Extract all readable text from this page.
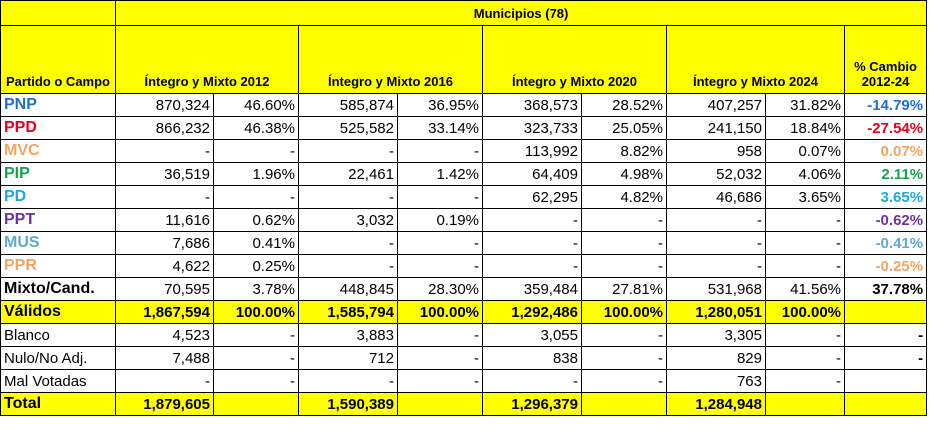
	Municipios (78)								
Partido o Campo	Íntegro y Mixto 2012		Íntegro y Mixto 2016		Íntegro y Mixto 2020		Íntegro y Mixto 2024		% Cambio 2012-24
PNP	870,324	46.60%	585,874	36.95%	368,573	28.52%	407,257	31.82%	-14.79%
PPD	866,232	46.38%	525,582	33.14%	323,733	25.05%	241,150	18.84%	-27.54%
MVC	-	-	-	-	113,992	8.82%	958	0.07%	0.07%
PIP	36,519	1.96%	22,461	1.42%	64,409	4.98%	52,032	4.06%	2.11%
PD	-	-	-	-	62,295	4.82%	46,686	3.65%	3.65%
PPT	11,616	0.62%	3,032	0.19%	-	-	-	-	-0.62%
MUS	7,686	0.41%	-	-	-	-	-	-	-0.41%
PPR	4,622	0.25%	-	-	-	-	-	-	-0.25%
Mixto/Cand.	70,595	3.78%	448,845	28.30%	359,484	27.81%	531,968	41.56%	37.78%
Válidos	1,867,594	100.00%	1,585,794	100.00%	1,292,486	100.00%	1,280,051	100.00%	
Blanco	4,523	-	3,883	-	3,055	-	3,305	-	-
Nulo/No Adj.	7,488	-	712	-	838	-	829	-	-
Mal Votadas	-	-	-	-	-	-	763	-	
Total	1,879,605		1,590,389		1,296,379		1,284,948		
